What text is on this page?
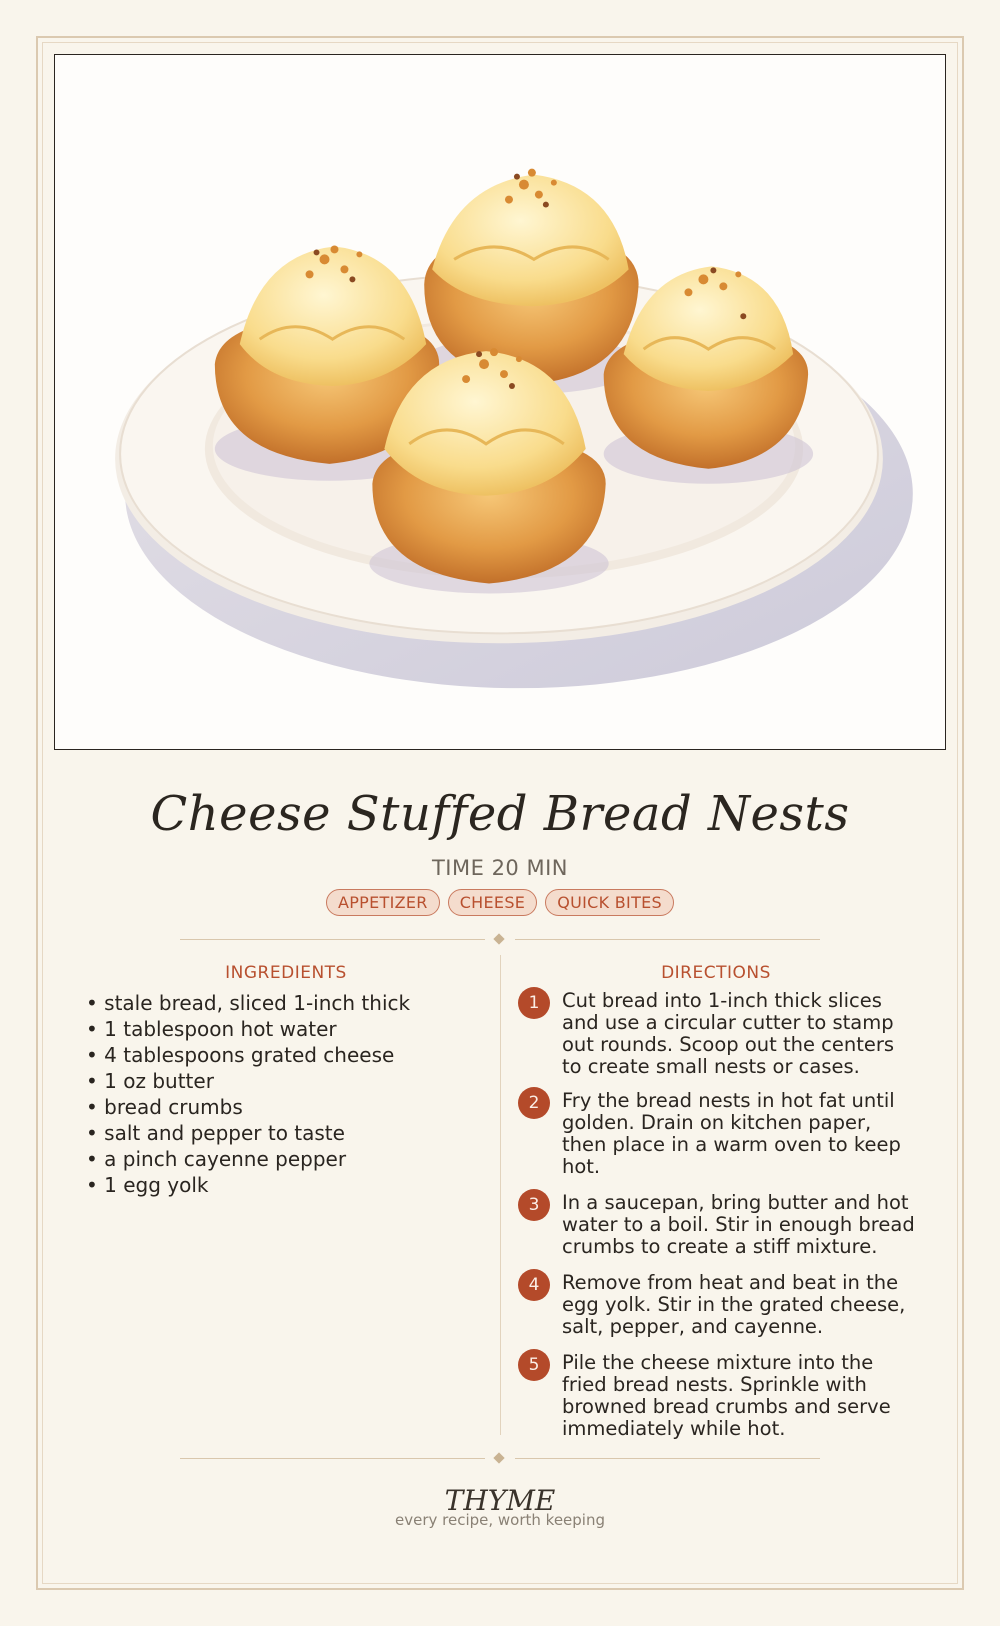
Cheese Stuffed Bread Nests
TIME 20 MIN
APPETIZER CHEESE QUICK BITES
INGREDIENTS
• stale bread, sliced 1-inch thick
• 1 tablespoon hot water
• 4 tablespoons grated cheese
• 1 oz butter
• bread crumbs
• salt and pepper to taste
• a pinch cayenne pepper
• 1 egg yolk
DIRECTIONS
1	Cut bread into 1-inch thick slices and use a circular cutter to stamp out rounds. Scoop out the centers to create small nests or cases.
2	Fry the bread nests in hot fat until golden. Drain on kitchen paper, then place in a warm oven to keep hot.
3	In a saucepan, bring butter and hot water to a boil. Stir in enough bread crumbs to create a stiff mixture.
4	Remove from heat and beat in the egg yolk. Stir in the grated cheese, salt, pepper, and cayenne.
5	Pile the cheese mixture into the fried bread nests. Sprinkle with browned bread crumbs and serve immediately while hot.
THYME
every recipe, worth keeping
